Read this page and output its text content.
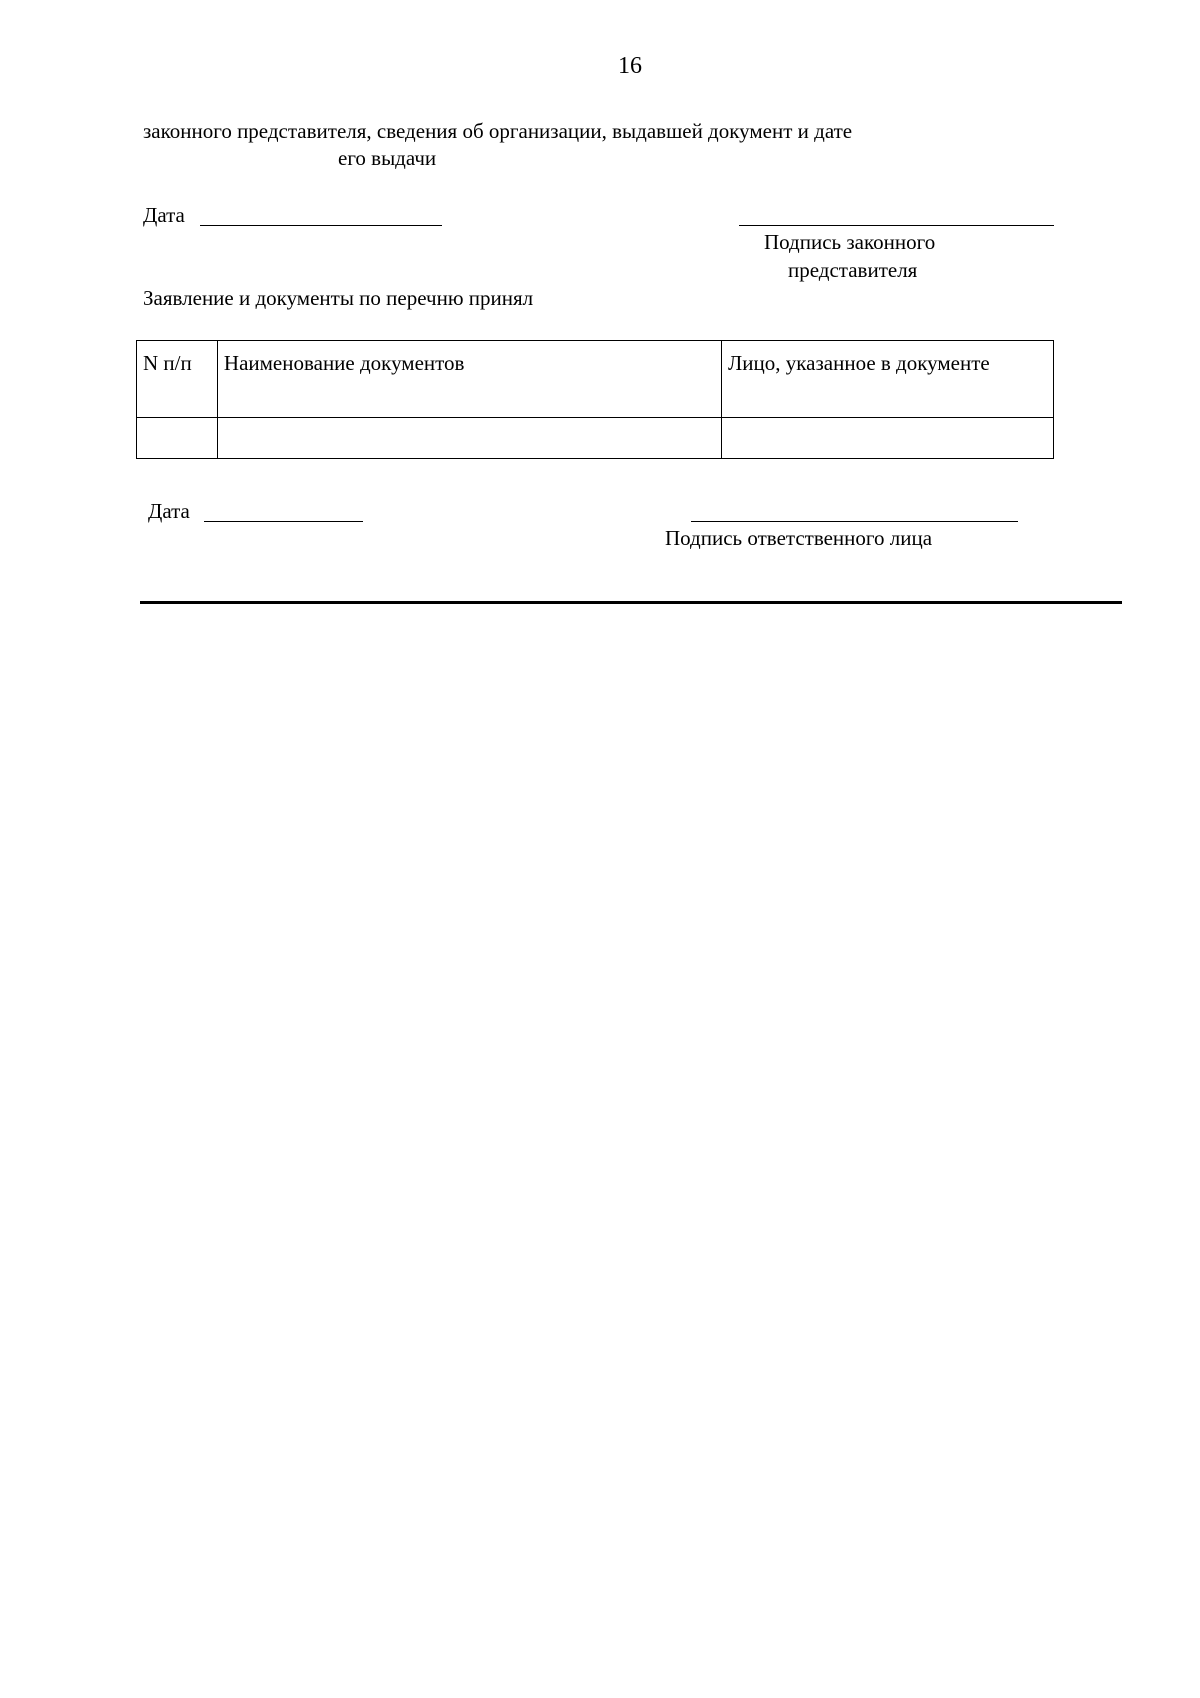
16
законного представителя, сведения об организации, выдавшей документ и дате
его выдачи
Дата
Подпись законного
представителя
Заявление и документы по перечню принял
N п/п	Наименование документов	Лицо, указанное в документе

Дата
Подпись ответственного лица
